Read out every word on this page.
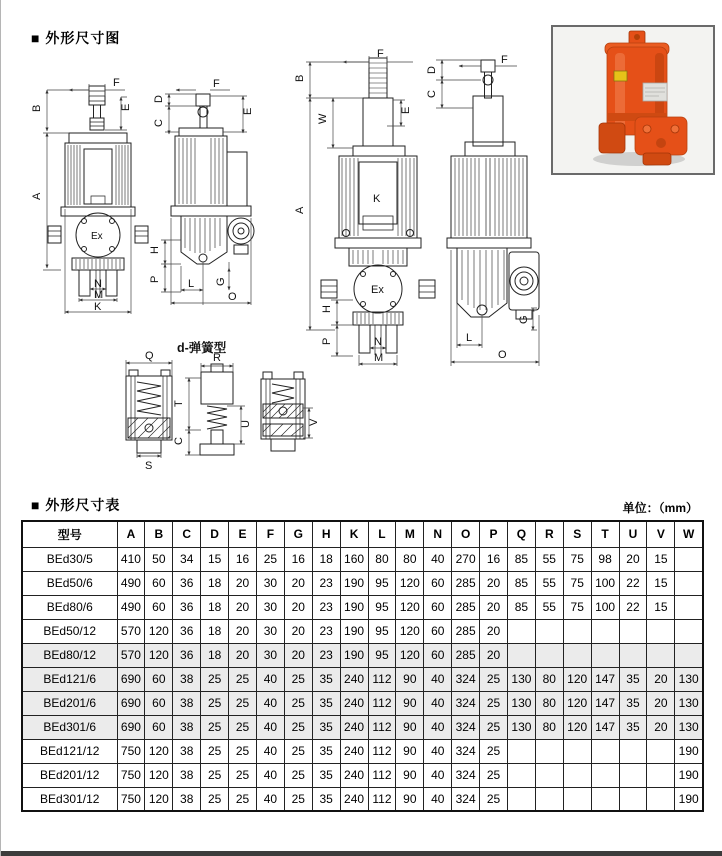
■ 外形尺寸图
Ex
F
B
A
E
N
M
K
F
D
C
E
H
P L G
O
K
Ex
F
B
W
E
A
H
P	N
M
F
D
C
G
L
O
d-弹簧型
Q
S
R
T
C
U	V
■ 外形尺寸表	单位：（mm）
型号	A	B	C	D	E	F	G	H	K	L	M	N	O	P	Q	R	S	T	U	V	W
BEd30/5	410	50	34	15	16	25	16	18	160	80	80	40	270	16	85	55	75	98	20	15	
BEd50/6	490	60	36	18	20	30	20	23	190	95	120	60	285	20	85	55	75	100	22	15	
BEd80/6	490	60	36	18	20	30	20	23	190	95	120	60	285	20	85	55	75	100	22	15	
BEd50/12	570	120	36	18	20	30	20	23	190	95	120	60	285	20							
BEd80/12	570	120	36	18	20	30	20	23	190	95	120	60	285	20							
BEd121/6	690	60	38	25	25	40	25	35	240	112	90	40	324	25	130	80	120	147	35	20	130
BEd201/6	690	60	38	25	25	40	25	35	240	112	90	40	324	25	130	80	120	147	35	20	130
BEd301/6	690	60	38	25	25	40	25	35	240	112	90	40	324	25	130	80	120	147	35	20	130
BEd121/12	750	120	38	25	25	40	25	35	240	112	90	40	324	25							190
BEd201/12	750	120	38	25	25	40	25	35	240	112	90	40	324	25							190
BEd301/12	750	120	38	25	25	40	25	35	240	112	90	40	324	25							190
